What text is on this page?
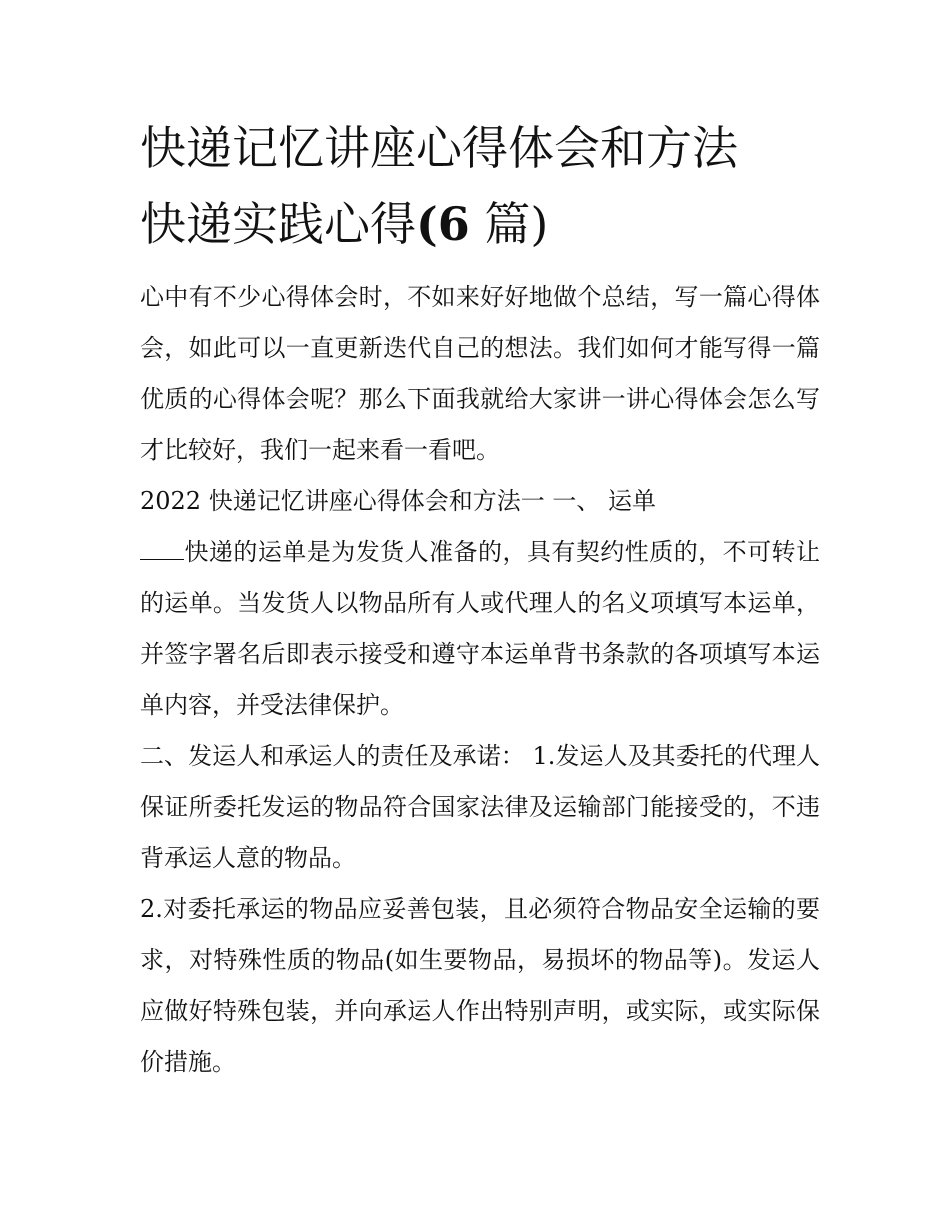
快递记忆讲座心得体会和方法
快递实践心得(6 篇)

心中有不少心得体会时，不如来好好地做个总结，写一篇心得体会，如此可以一直更新迭代自己的想法。我们如何才能写得一篇优质的心得体会呢？那么下面我就给大家讲一讲心得体会怎么写才比较好，我们一起来看一看吧。

2022 快递记忆讲座心得体会和方法一 一、 运单

快递的运单是为发货人准备的，具有契约性质的，不可转让的运单。当发货人以物品所有人或代理人的名义项填写本运单，并签字署名后即表示接受和遵守本运单背书条款的各项填写本运单内容，并受法律保护。

二、发运人和承运人的责任及承诺： 1.发运人及其委托的代理人保证所委托发运的物品符合国家法律及运输部门能接受的，不违背承运人意的物品。

2.对委托承运的物品应妥善包装，且必须符合物品安全运输的要求，对特殊性质的物品(如生要物品，易损坏的物品等)。发运人应做好特殊包装，并向承运人作出特别声明，或实际，或实际保价措施。
